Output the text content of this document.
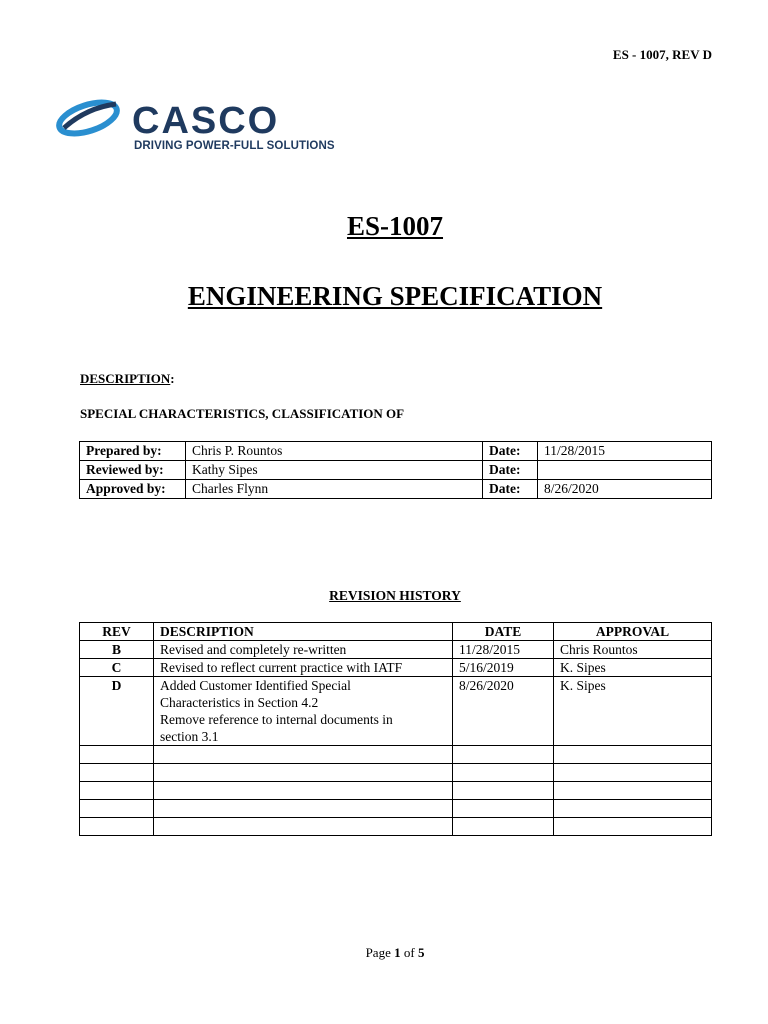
ES - 1007, REV D
CASCO
DRIVING POWER-FULL SOLUTIONS
ES-1007
ENGINEERING SPECIFICATION
DESCRIPTION:
SPECIAL CHARACTERISTICS, CLASSIFICATION OF
Prepared by:	Chris P. Rountos	Date:	11/28/2015
Reviewed by:	Kathy Sipes	Date:	
Approved by:	Charles Flynn	Date:	8/26/2020
REVISION HISTORY
REV	DESCRIPTION	DATE	APPROVAL
B	Revised and completely re-written	11/28/2015	Chris Rountos
C	Revised to reflect current practice with IATF	5/16/2019	K. Sipes
D	Added Customer Identified Special
Characteristics in Section 4.2
Remove reference to internal documents in
section 3.1	8/26/2020	K. Sipes

Page 1 of 5
